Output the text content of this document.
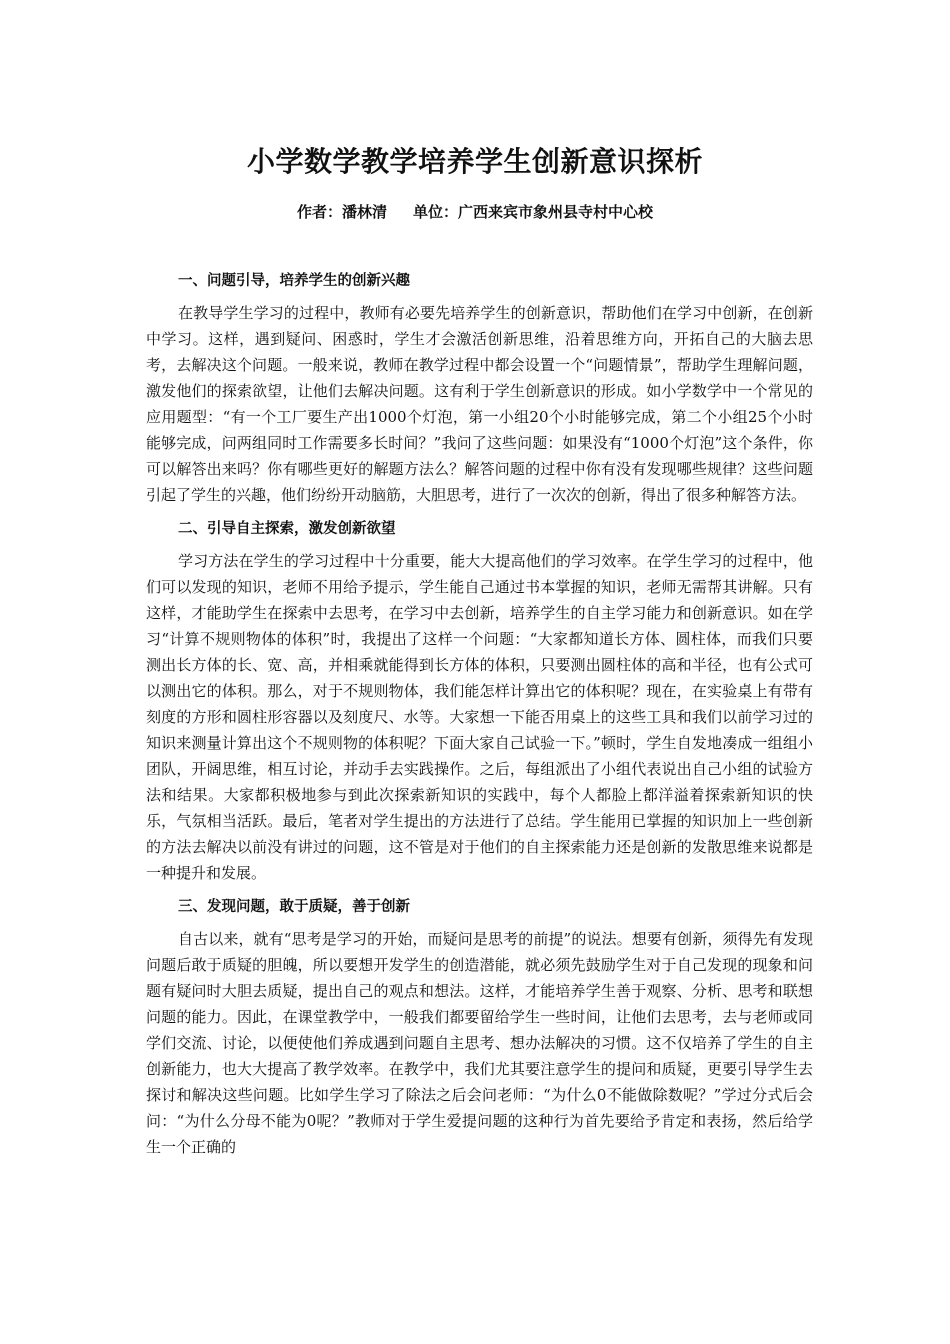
小学数学教学培养学生创新意识探析
作者：潘林清 单位：广西来宾市象州县寺村中心校
一、问题引导，培养学生的创新兴趣

在教导学生学习的过程中，教师有必要先培养学生的创新意识，帮助他们在学习中创新，在创新中学习。这样，遇到疑问、困惑时，学生才会激活创新思维，沿着思维方向，开拓自己的大脑去思考，去解决这个问题。一般来说，教师在教学过程中都会设置一个“问题情景”，帮助学生理解问题，激发他们的探索欲望，让他们去解决问题。这有利于学生创新意识的形成。如小学数学中一个常见的应用题型：“有一个工厂要生产出1000个灯泡，第一小组20个小时能够完成，第二个小组25个小时能够完成，问两组同时工作需要多长时间？”我问了这些问题：如果没有“1000个灯泡”这个条件，你可以解答出来吗？你有哪些更好的解题方法么？解答问题的过程中你有没有发现哪些规律？这些问题引起了学生的兴趣，他们纷纷开动脑筋，大胆思考，进行了一次次的创新，得出了很多种解答方法。

二、引导自主探索，激发创新欲望

学习方法在学生的学习过程中十分重要，能大大提高他们的学习效率。在学生学习的过程中，他们可以发现的知识，老师不用给予提示，学生能自己通过书本掌握的知识，老师无需帮其讲解。只有这样，才能助学生在探索中去思考，在学习中去创新，培养学生的自主学习能力和创新意识。如在学习“计算不规则物体的体积”时，我提出了这样一个问题：“大家都知道长方体、圆柱体，而我们只要测出长方体的长、宽、高，并相乘就能得到长方体的体积，只要测出圆柱体的高和半径，也有公式可以测出它的体积。那么，对于不规则物体，我们能怎样计算出它的体积呢？现在，在实验桌上有带有刻度的方形和圆柱形容器以及刻度尺、水等。大家想一下能否用桌上的这些工具和我们以前学习过的知识来测量计算出这个不规则物的体积呢？下面大家自己试验一下。”顿时，学生自发地凑成一组组小团队，开阔思维，相互讨论，并动手去实践操作。之后，每组派出了小组代表说出自己小组的试验方法和结果。大家都积极地参与到此次探索新知识的实践中，每个人都脸上都洋溢着探索新知识的快乐，气氛相当活跃。最后，笔者对学生提出的方法进行了总结。学生能用已掌握的知识加上一些创新的方法去解决以前没有讲过的问题，这不管是对于他们的自主探索能力还是创新的发散思维来说都是一种提升和发展。

三、发现问题，敢于质疑，善于创新

自古以来，就有“思考是学习的开始，而疑问是思考的前提”的说法。想要有创新，须得先有发现问题后敢于质疑的胆魄，所以要想开发学生的创造潜能，就必须先鼓励学生对于自己发现的现象和问题有疑问时大胆去质疑，提出自己的观点和想法。这样，才能培养学生善于观察、分析、思考和联想问题的能力。因此，在课堂教学中，一般我们都要留给学生一些时间，让他们去思考，去与老师或同学们交流、讨论，以便使他们养成遇到问题自主思考、想办法解决的习惯。这不仅培养了学生的自主创新能力，也大大提高了教学效率。在教学中，我们尤其要注意学生的提问和质疑，更要引导学生去探讨和解决这些问题。比如学生学习了除法之后会问老师：“为什么0不能做除数呢？”学过分式后会问：“为什么分母不能为0呢？”教师对于学生爱提问题的这种行为首先要给予肯定和表扬，然后给学生一个正确的
